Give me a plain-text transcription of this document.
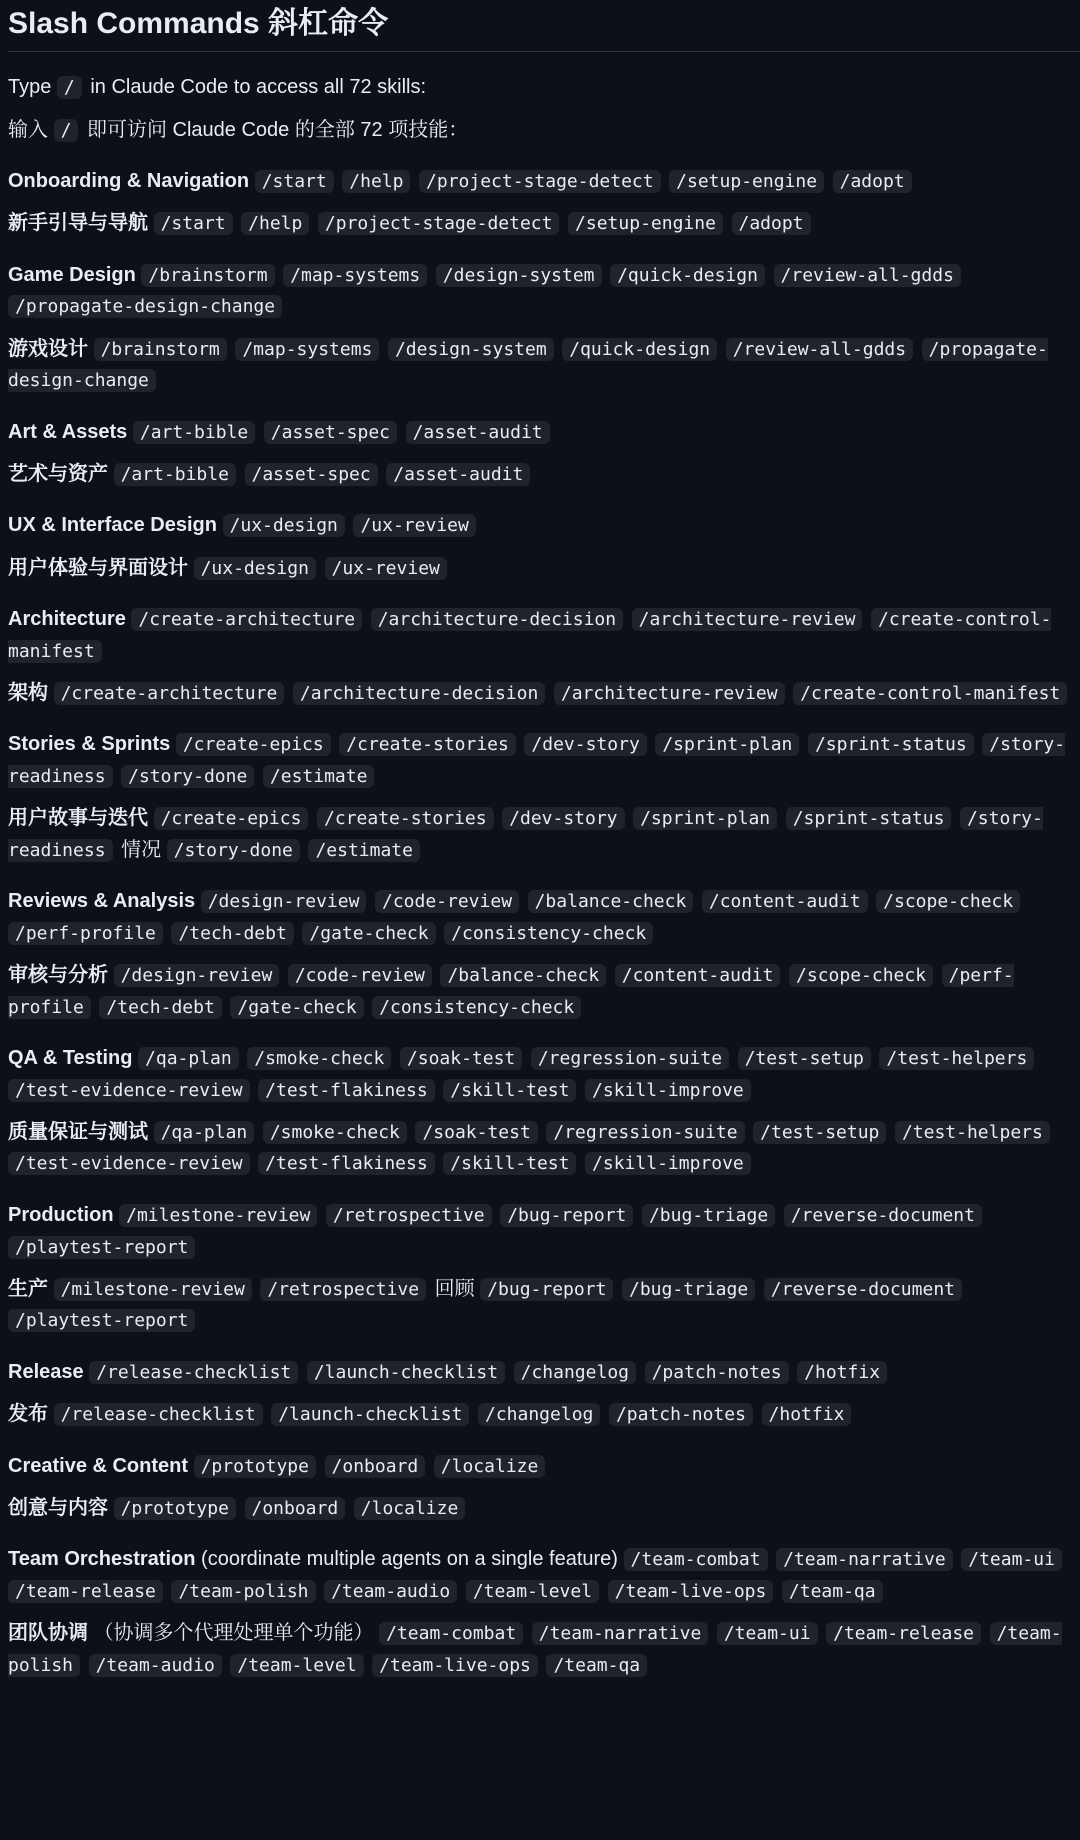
Slash Commands 斜杠命令
Type / in Claude Code to access all 72 skills:
输入 / 即可访问 Claude Code 的全部 72 项技能：
Onboarding & Navigation /start /help /project-stage-detect /setup-engine /adopt
新手引导与导航 /start /help /project-stage-detect /setup-engine /adopt
Game Design /brainstorm /map-systems /design-system /quick-design /review-all-gdds /propagate-design-change
游戏设计 /brainstorm /map-systems /design-system /quick-design /review-all-gdds /propagate-design-change
Art & Assets /art-bible /asset-spec /asset-audit
艺术与资产 /art-bible /asset-spec /asset-audit
UX & Interface Design /ux-design /ux-review
用户体验与界面设计 /ux-design /ux-review
Architecture /create-architecture /architecture-decision /architecture-review /create-control-manifest
架构 /create-architecture /architecture-decision /architecture-review /create-control-manifest
Stories & Sprints /create-epics /create-stories /dev-story /sprint-plan /sprint-status /story-readiness /story-done /estimate
用户故事与迭代 /create-epics /create-stories /dev-story /sprint-plan /sprint-status /story-readiness 情况 /story-done /estimate
Reviews & Analysis /design-review /code-review /balance-check /content-audit /scope-check /perf-profile /tech-debt /gate-check /consistency-check
审核与分析 /design-review /code-review /balance-check /content-audit /scope-check /perf-profile /tech-debt /gate-check /consistency-check
QA & Testing /qa-plan /smoke-check /soak-test /regression-suite /test-setup /test-helpers /test-evidence-review /test-flakiness /skill-test /skill-improve
质量保证与测试 /qa-plan /smoke-check /soak-test /regression-suite /test-setup /test-helpers /test-evidence-review /test-flakiness /skill-test /skill-improve
Production /milestone-review /retrospective /bug-report /bug-triage /reverse-document /playtest-report
生产 /milestone-review /retrospective 回顾 /bug-report /bug-triage /reverse-document /playtest-report
Release /release-checklist /launch-checklist /changelog /patch-notes /hotfix
发布 /release-checklist /launch-checklist /changelog /patch-notes /hotfix
Creative & Content /prototype /onboard /localize
创意与内容 /prototype /onboard /localize
Team Orchestration (coordinate multiple agents on a single feature) /team-combat /team-narrative /team-ui /team-release /team-polish /team-audio /team-level /team-live-ops /team-qa
团队协调 （协调多个代理处理单个功能） /team-combat /team-narrative /team-ui /team-release /team-polish /team-audio /team-level /team-live-ops /team-qa
